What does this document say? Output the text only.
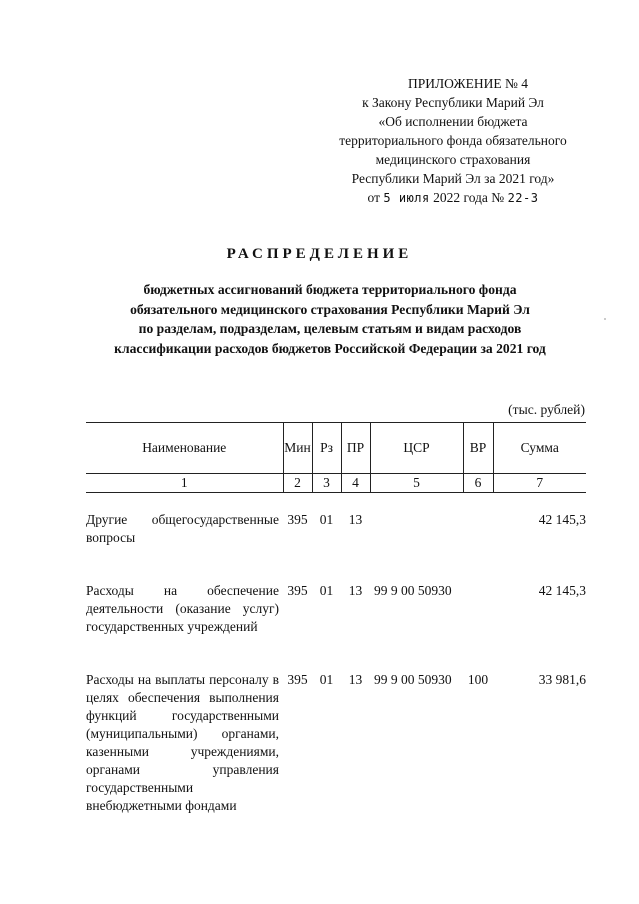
ПРИЛОЖЕНИЕ № 4
к Закону Республики Марий Эл
«Об исполнении бюджета
территориального фонда обязательного
медицинского страхования
Республики Марий Эл за 2021 год»
от 5 июля 2022 года № 22-З
РАСПРЕДЕЛЕНИЕ
бюджетных ассигнований бюджета территориального фонда
обязательного медицинского страхования Республики Марий Эл
по разделам, подразделам, целевым статьям и видам расходов
классификации расходов бюджетов Российской Федерации за 2021 год
(тыс. рублей)
Наименование	Мин	Рз	ПР	ЦСР	ВР	Сумма
1	2	3	4	5	6	7
Другие общегосударственные вопросы	395	01	13			42 145,3
Расходы на обеспечение деятельности (оказание услуг) государственных учреждений	395	01	13	99 9 00 50930		42 145,3
Расходы на выплаты персоналу в целях обеспечения выполнения функций государственными (муниципальными) органами, казенными учреждениями, органами управления государственными внебюджетными фондами	395	01	13	99 9 00 50930	100	33 981,6
